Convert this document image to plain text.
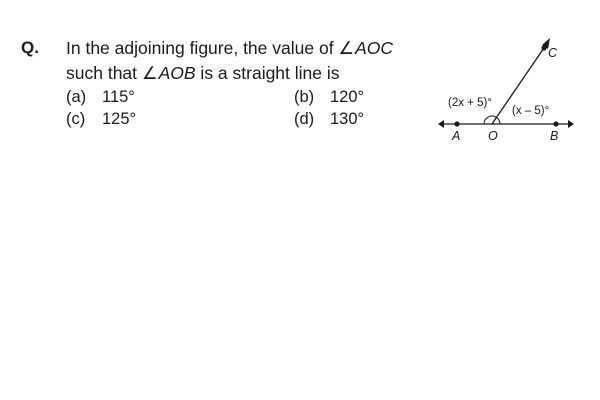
Q. In the adjoining figure, the value of ∠AOC
such that ∠AOB is a straight line is
(a) 115°	(b) 120°
(c) 125°	(d) 130°
A O	B
C
(2x + 5)°
(x – 5)°
